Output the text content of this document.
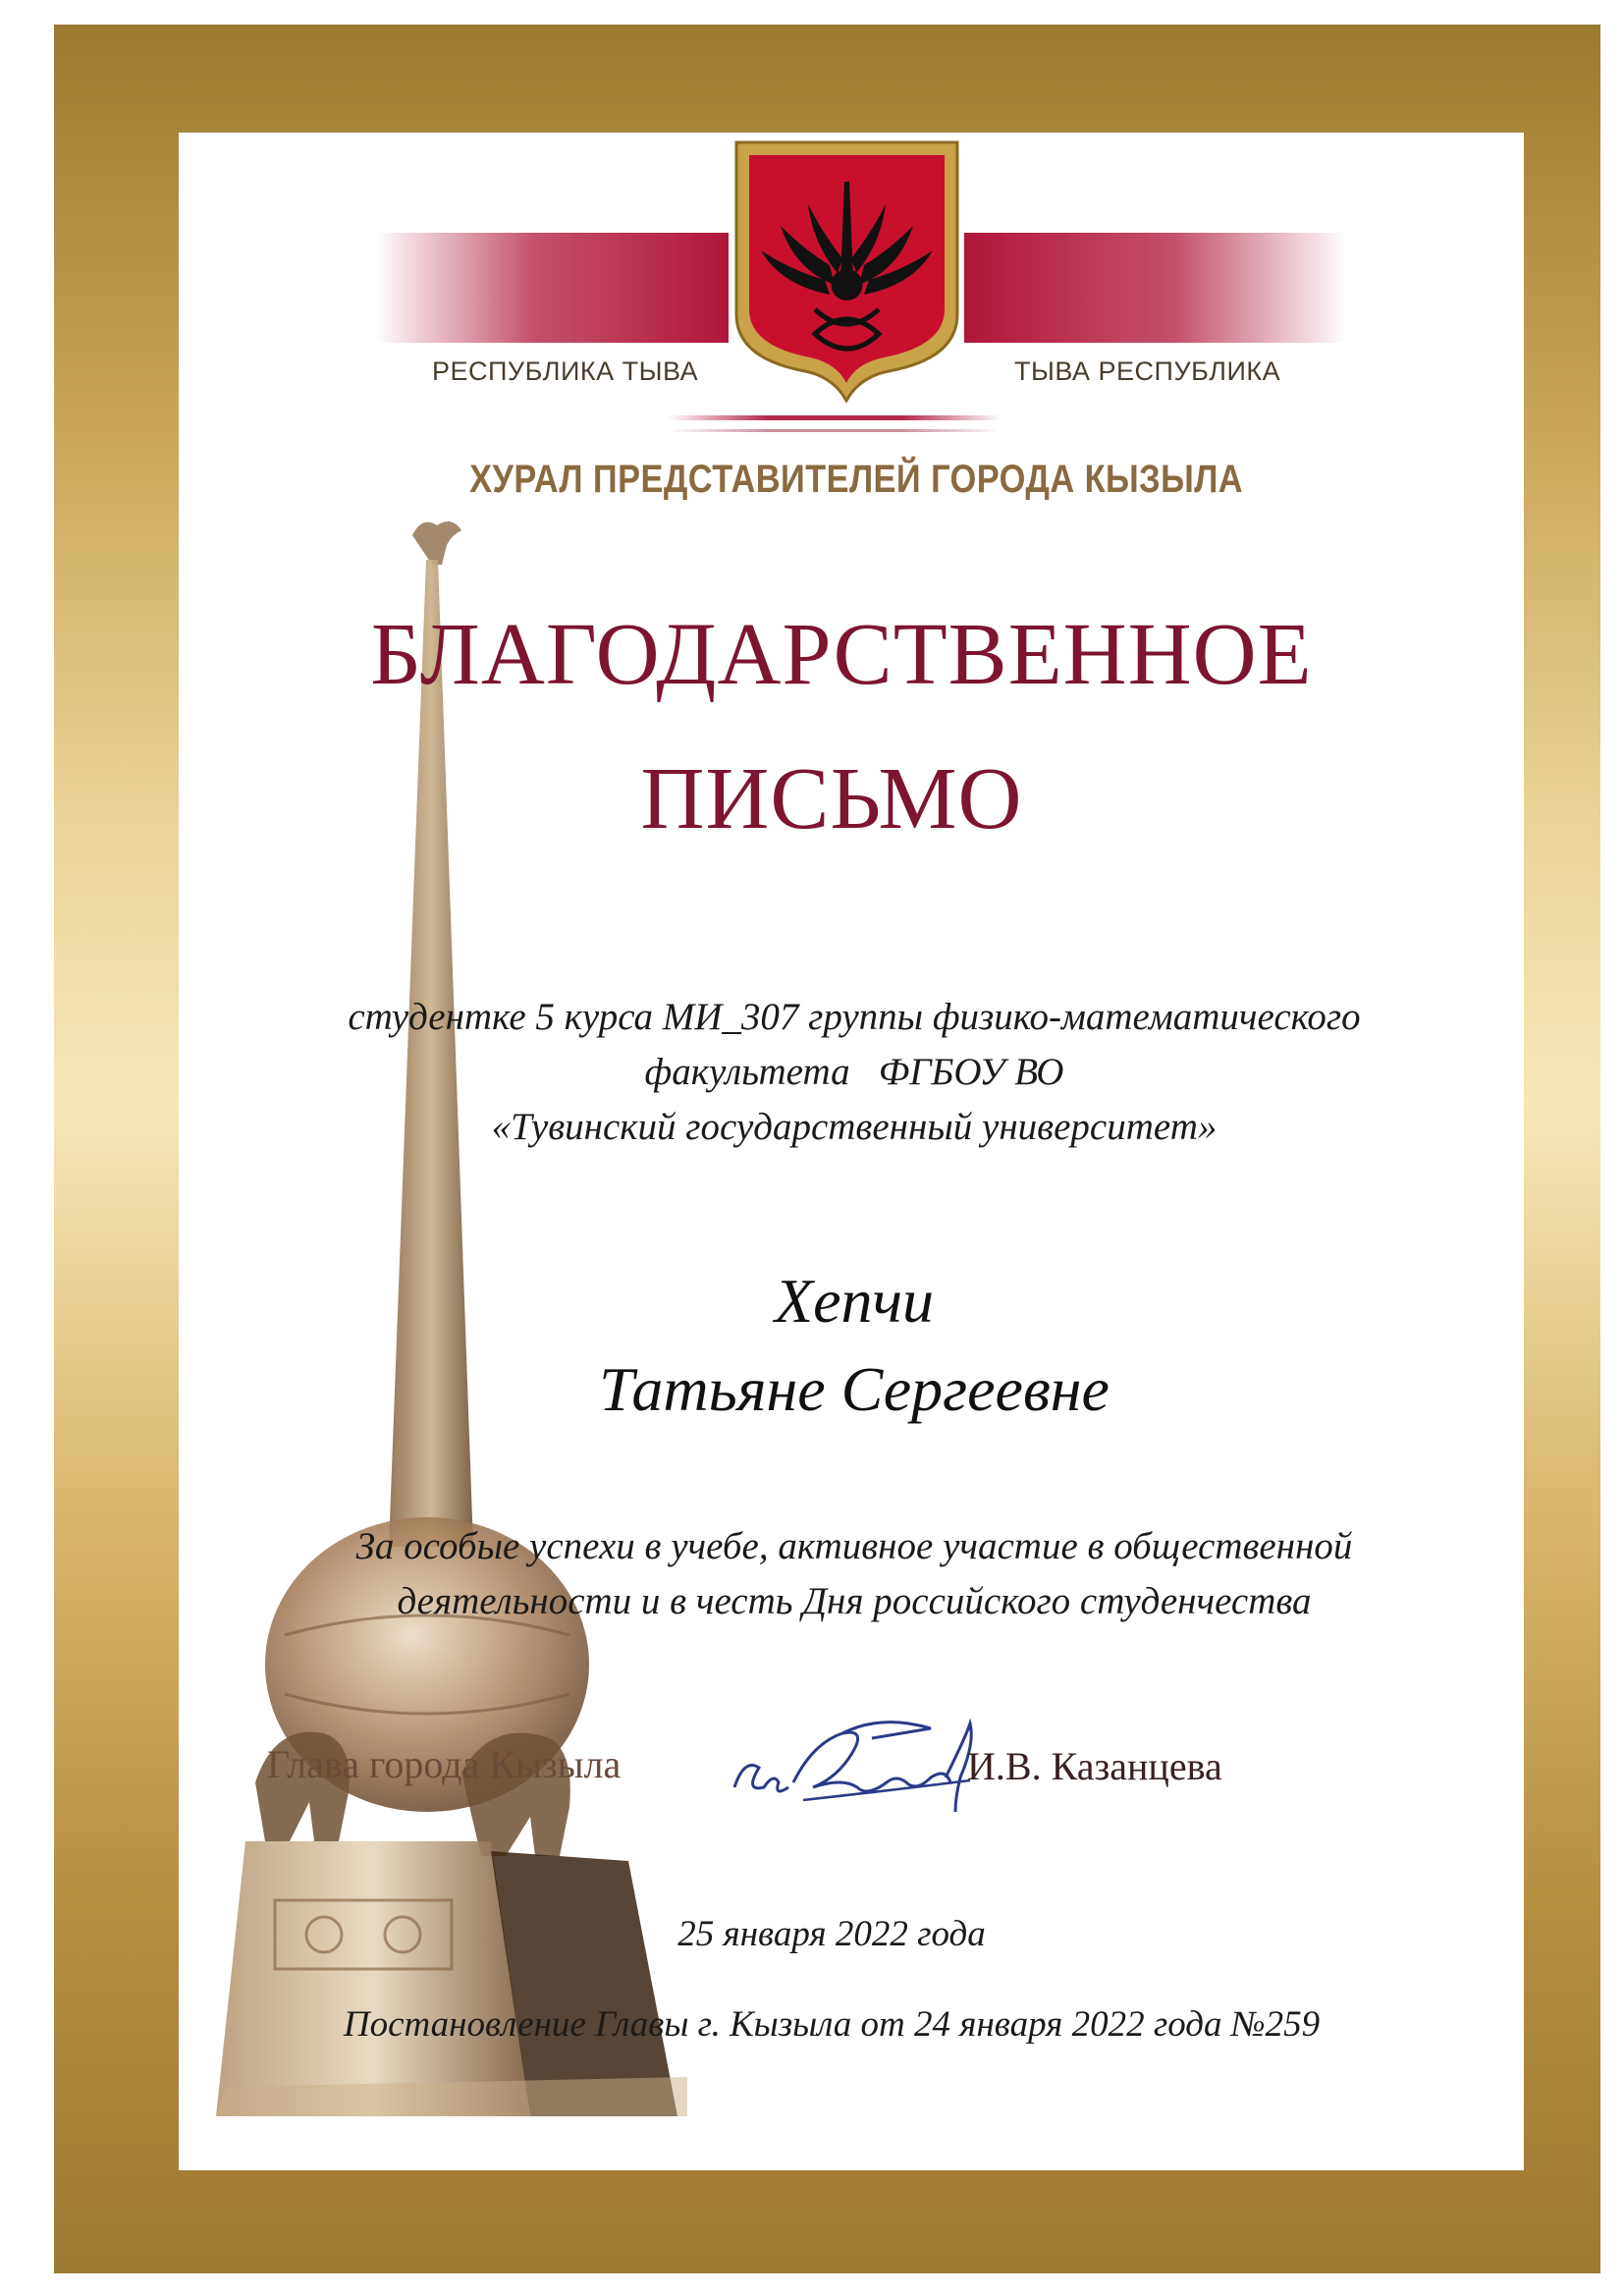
РЕСПУБЛИКА ТЫВА	ТЫВА РЕСПУБЛИКА
ХУРАЛ ПРЕДСТАВИТЕЛЕЙ ГОРОДА КЫЗЫЛА
БЛАГОДАРСТВЕННОЕ
ПИСЬМО
студентке 5 курса МИ_307 группы физико-математического
факультета   ФГБОУ ВО
«Тувинский государственный университет»
Хепчи
Татьяне Сергеевне
За особые успехи в учебе, активное участие в общественной
деятельности и в честь Дня российского студенчества
Глава города Кызыла	И.В. Казанцева
25 января 2022 года
Постановление Главы г. Кызыла от 24 января 2022 года №259
